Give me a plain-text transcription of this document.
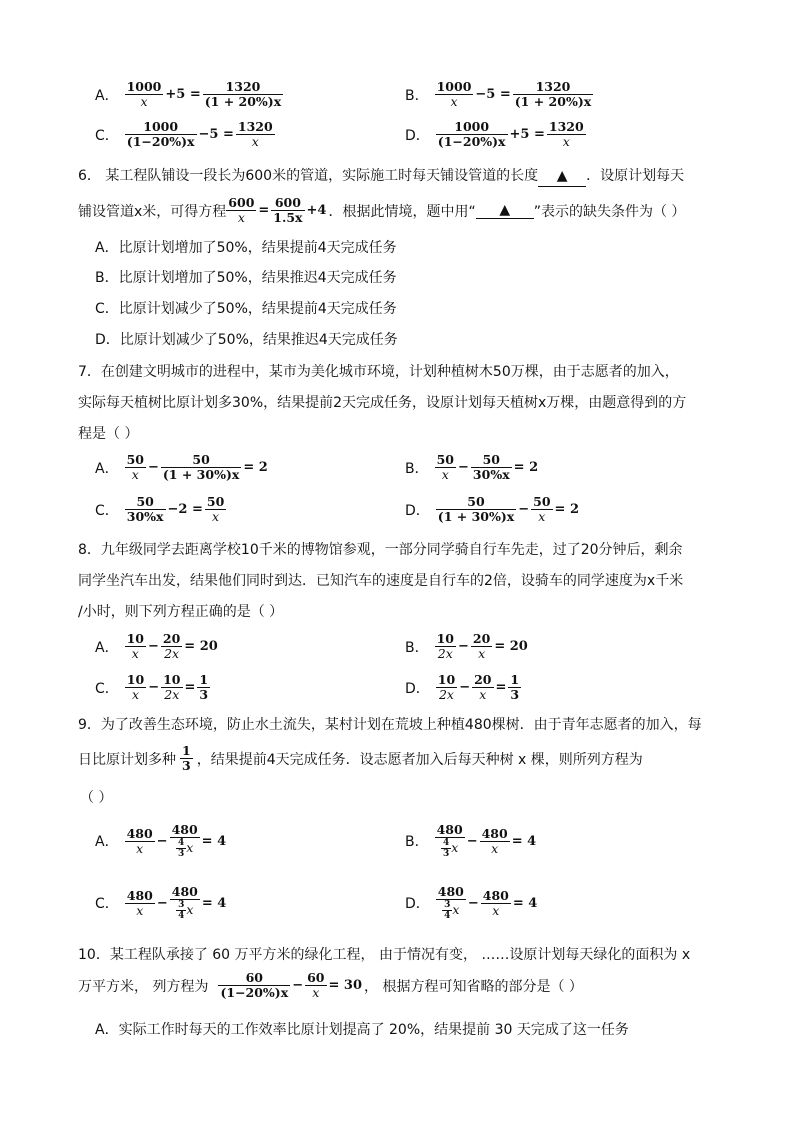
A． $\frac{1000}{x} +5 = \frac{1320}{(1 + 20\%)x}$	B． $\frac{1000}{x} -5 = \frac{1320}{(1 + 20\%)x}$
C． $\frac{1000}{(1-20\%)x} -5 = \frac{1320}{x}$	D． $\frac{1000}{(1-20\%)x} +5 = \frac{1320}{x}$
6． 某工程队铺设一段长为600米的管道，实际施工时每天铺设管道的长度 ▲ ．设原计划每天
铺设管道x米，可得方程 $\frac{600}{x} = \frac{600}{1.5x} +4$ ．根据此情境，题中用“	▲	”表示的缺失条件为（ ）
A．比原计划增加了50%，结果提前4天完成任务
B．比原计划增加了50%，结果推迟4天完成任务
C．比原计划减少了50%，结果提前4天完成任务
D．比原计划减少了50%，结果推迟4天完成任务
7．在创建文明城市的进程中，某市为美化城市环境，计划种植树木50万棵，由于志愿者的加入，
实际每天植树比原计划多30%，结果提前2天完成任务，设原计划每天植树x万棵，由题意得到的方
程是（ ）
A． $\frac{50}{x} - \frac{50}{(1 + 30\%)x} = 2$	B． $\frac{50}{x} - \frac{50}{30\%x} = 2$
C． $\frac{50}{30\%x} -2 = \frac{50}{x}$	D． $\frac{50}{(1 + 30\%)x} - \frac{50}{x} = 2$
8．九年级同学去距离学校10千米的博物馆参观，一部分同学骑自行车先走，过了20分钟后，剩余
同学坐汽车出发，结果他们同时到达．已知汽车的速度是自行车的2倍，设骑车的同学速度为x千米
/小时，则下列方程正确的是（ ）
A． $\frac{10}{x} - \frac{20}{2x} = 20$	B． $\frac{10}{2x} - \frac{20}{x} = 20$
C． $\frac{10}{x} - \frac{10}{2x} = \frac{1}{3}$	D． $\frac{10}{2x} - \frac{20}{x} = \frac{1}{3}$
9．为了改善生态环境，防止水土流失，某村计划在荒坡上种植480棵树．由于青年志愿者的加入，每
日比原计划多种 $\frac{1}{3}$ ，结果提前4天完成任务．设志愿者加入后每天种树 x 棵，则所列方程为
（ ）
A． $\frac{480}{x} - \frac{480}{\frac{4}{3} x} = 4$	B． $\frac{480}{\frac{4}{3} x} - \frac{480}{x} = 4$
C． $\frac{480}{x} - \frac{480}{\frac{3}{4} x} = 4$	D． $\frac{480}{\frac{3}{4} x} - \frac{480}{x} = 4$
10．某工程队承接了 60 万平方米的绿化工程， 由于情况有变， ……设原计划每天绿化的面积为 x
万平方米， 列方程为 $\frac{60}{(1-20\%)x} - \frac{60}{x} = 30$ ， 根据方程可知省略的部分是（ ）
A．实际工作时每天的工作效率比原计划提高了 20%，结果提前 30 天完成了这一任务
